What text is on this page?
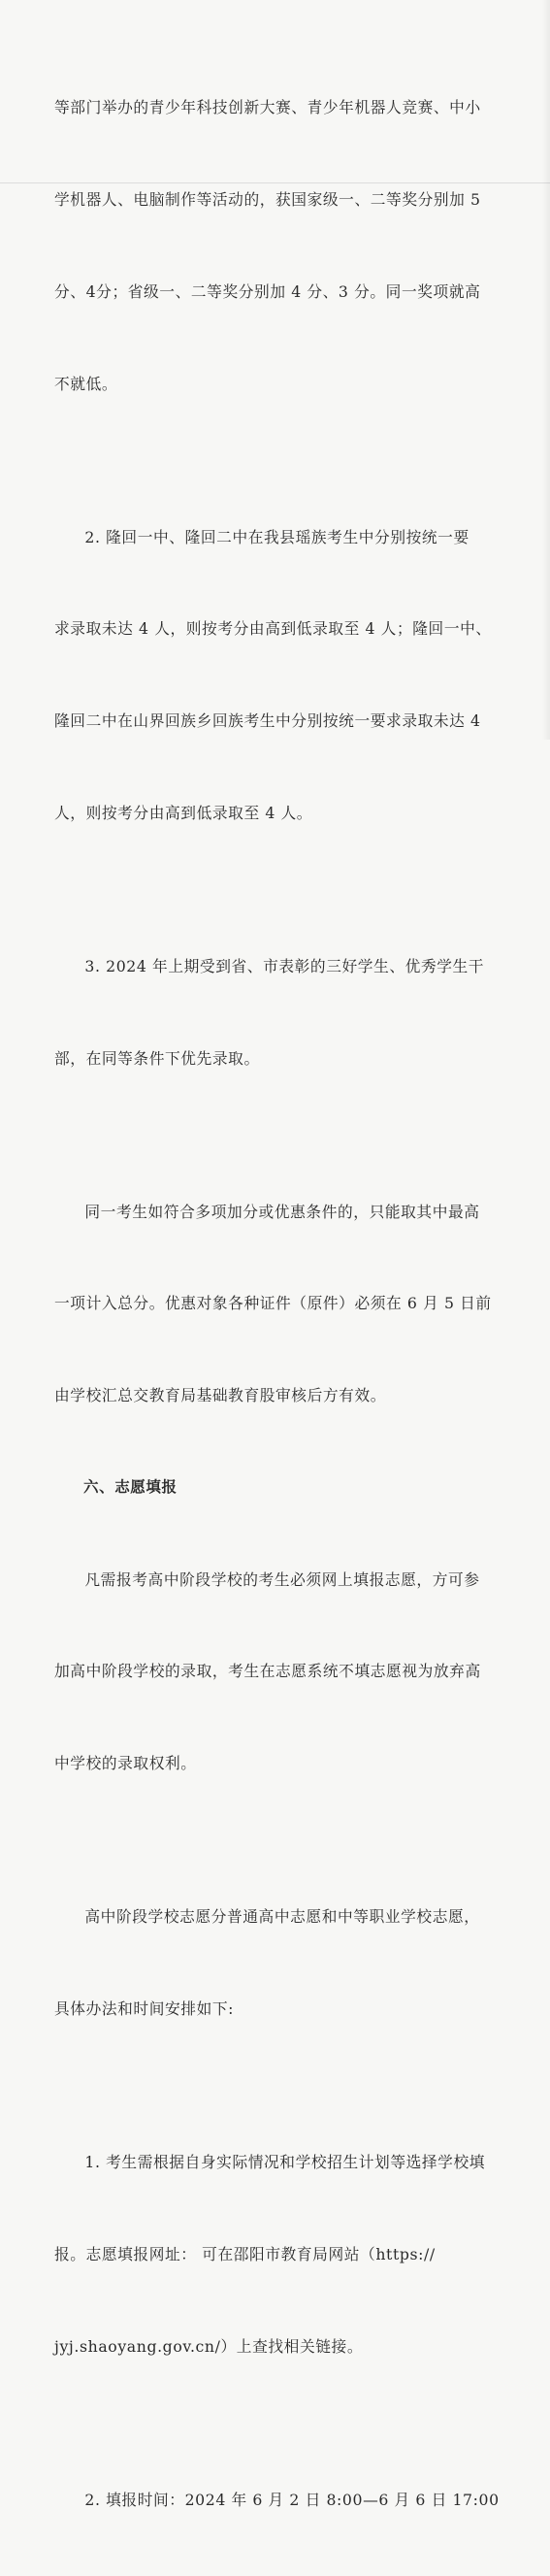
等部门举办的青少年科技创新大赛、青少年机器人竞赛、中小

学机器人、电脑制作等活动的，获国家级一、二等奖分别加 5

分、4分；省级一、二等奖分别加 4 分、3 分。同一奖项就高

不就低。

2. 隆回一中、隆回二中在我县瑶族考生中分别按统一要

求录取未达 4 人，则按考分由高到低录取至 4 人；隆回一中、

隆回二中在山界回族乡回族考生中分别按统一要求录取未达 4

人，则按考分由高到低录取至 4 人。

3. 2024 年上期受到省、市表彰的三好学生、优秀学生干

部，在同等条件下优先录取。

同一考生如符合多项加分或优惠条件的，只能取其中最高

一项计入总分。优惠对象各种证件（原件）必须在 6 月 5 日前

由学校汇总交教育局基础教育股审核后方有效。

六、志愿填报

凡需报考高中阶段学校的考生必须网上填报志愿，方可参

加高中阶段学校的录取，考生在志愿系统不填志愿视为放弃高

中学校的录取权利。

高中阶段学校志愿分普通高中志愿和中等职业学校志愿，

具体办法和时间安排如下:

1. 考生需根据自身实际情况和学校招生计划等选择学校填

报。志愿填报网址： 可在邵阳市教育局网站（https://

jyj.shaoyang.gov.cn/）上查找相关链接。

2. 填报时间：2024 年 6 月 2 日 8:00—6 月 6 日 17:00
